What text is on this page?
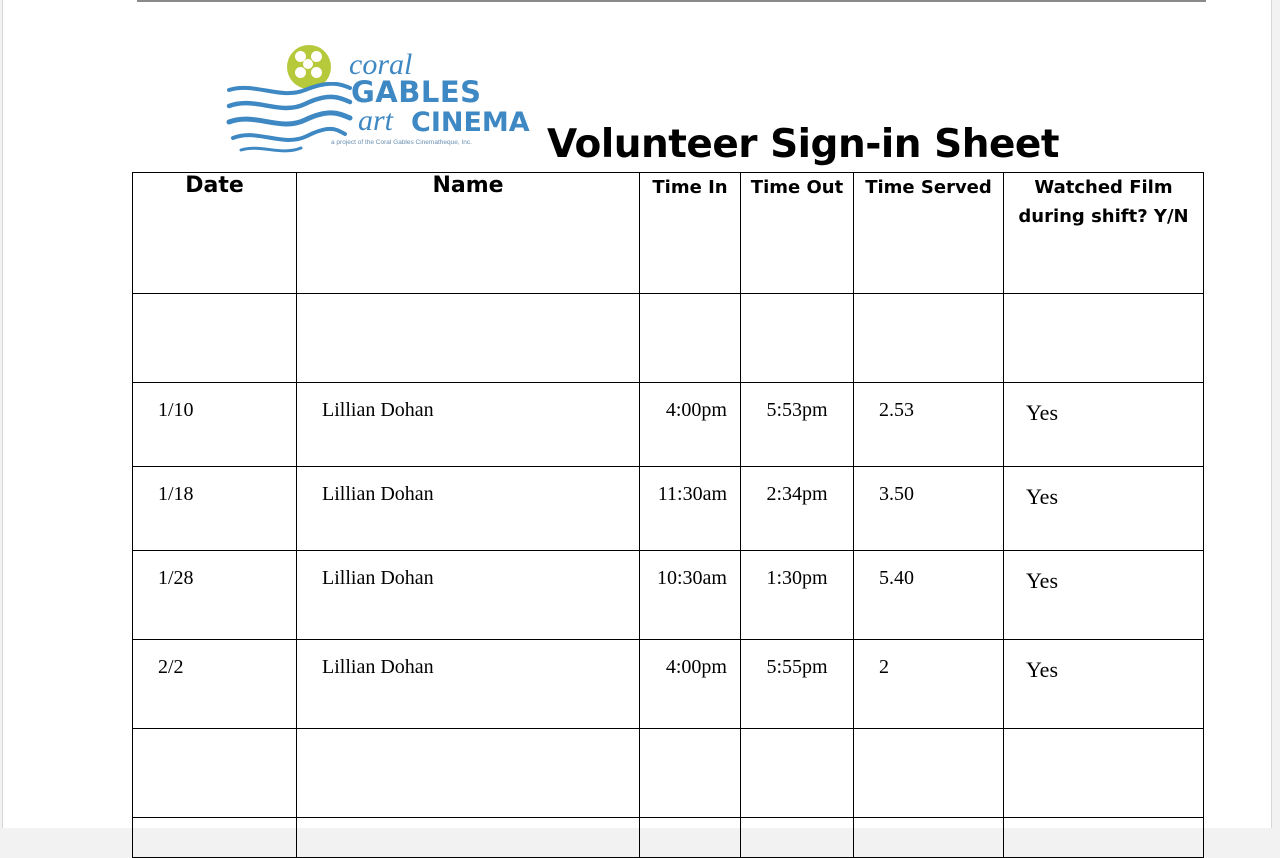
coral
GABLES
art CINEMA
a project of the Coral Gables Cinematheque, Inc. Volunteer Sign-in Sheet
Date	Name	Time In	Time Out	Time Served	Watched Film
during shift? Y/N

1/10	Lillian Dohan	4:00pm	5:53pm	2.53	Yes

1/18	Lillian Dohan	11:30am	2:34pm	3.50	Yes

1/28	Lillian Dohan	10:30am	1:30pm	5.40	Yes

2/2	Lillian Dohan	4:00pm	5:55pm	2	Yes
